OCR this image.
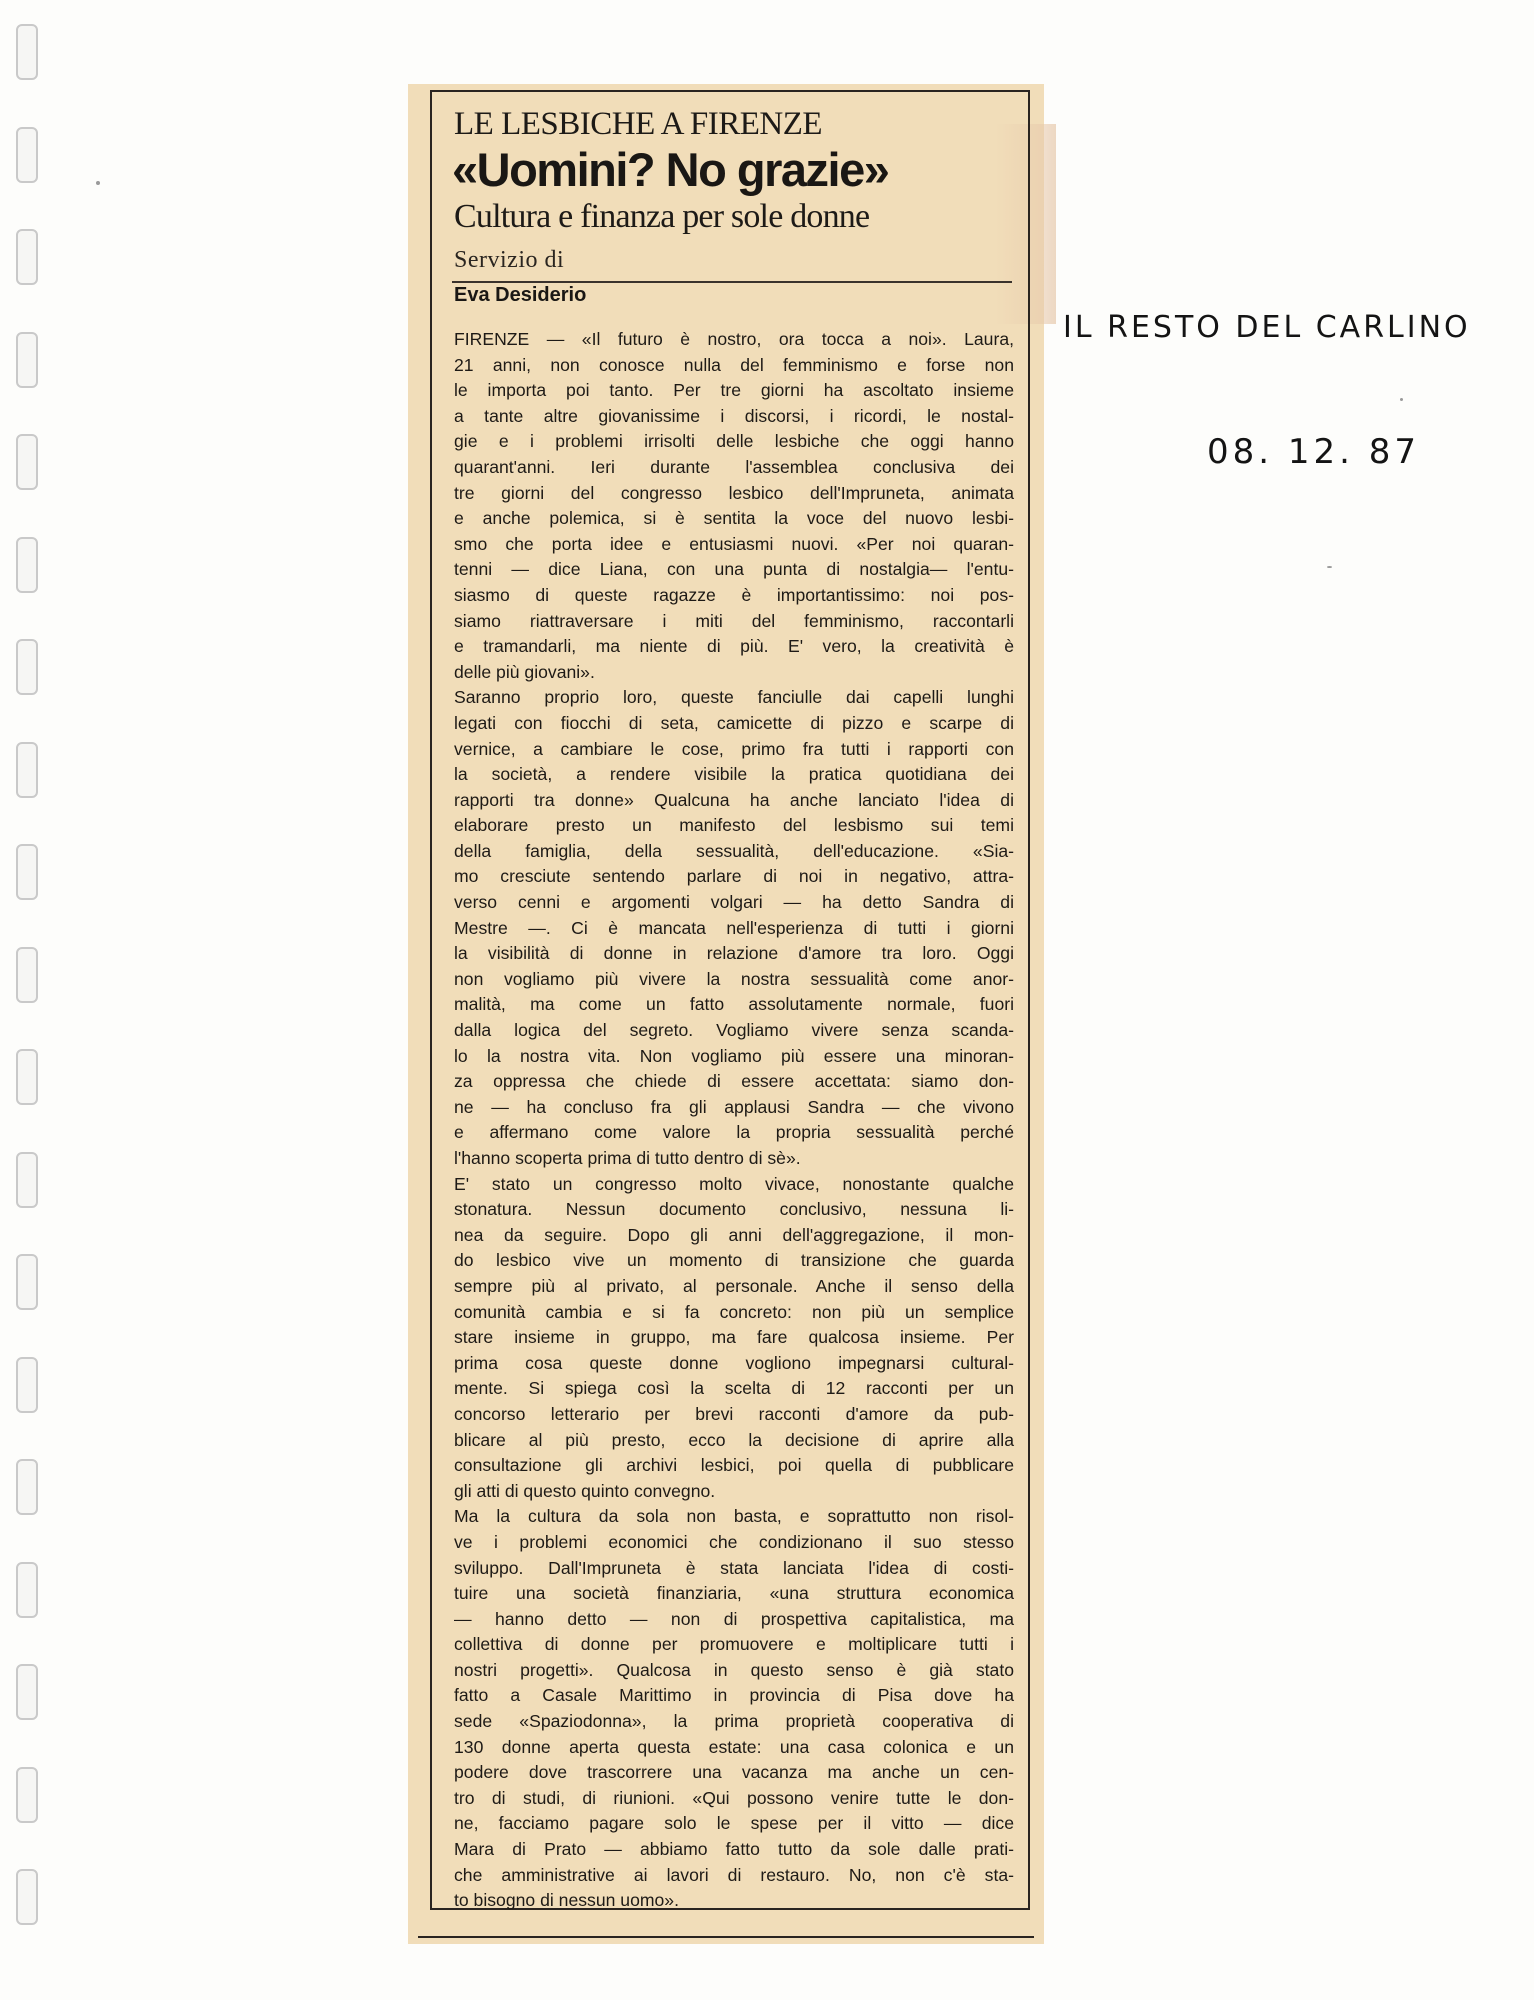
LE LESBICHE A FIRENZE
«Uomini? No grazie»
Cultura e finanza per sole donne
Servizio di
Eva Desiderio
FIRENZE — «Il futuro è nostro, ora tocca a noi». Laura,
21 anni, non conosce nulla del femminismo e forse non
le importa poi tanto. Per tre giorni ha ascoltato insieme
a tante altre giovanissime i discorsi, i ricordi, le nostal-
gie e i problemi irrisolti delle lesbiche che oggi hanno
quarant'anni. Ieri durante l'assemblea conclusiva dei
tre giorni del congresso lesbico dell'Impruneta, animata
e anche polemica, si è sentita la voce del nuovo lesbi-
smo che porta idee e entusiasmi nuovi. «Per noi quaran-
tenni — dice Liana, con una punta di nostalgia— l'entu-
siasmo di queste ragazze è importantissimo: noi pos-
siamo riattraversare i miti del femminismo, raccontarli
e tramandarli, ma niente di più. E' vero, la creatività è
delle più giovani».
Saranno proprio loro, queste fanciulle dai capelli lunghi
legati con fiocchi di seta, camicette di pizzo e scarpe di
vernice, a cambiare le cose, primo fra tutti i rapporti con
la società, a rendere visibile la pratica quotidiana dei
rapporti tra donne» Qualcuna ha anche lanciato l'idea di
elaborare presto un manifesto del lesbismo sui temi
della famiglia, della sessualità, dell'educazione. «Sia-
mo cresciute sentendo parlare di noi in negativo, attra-
verso cenni e argomenti volgari — ha detto Sandra di
Mestre —. Ci è mancata nell'esperienza di tutti i giorni
la visibilità di donne in relazione d'amore tra loro. Oggi
non vogliamo più vivere la nostra sessualità come anor-
malità, ma come un fatto assolutamente normale, fuori
dalla logica del segreto. Vogliamo vivere senza scanda-
lo la nostra vita. Non vogliamo più essere una minoran-
za oppressa che chiede di essere accettata: siamo don-
ne — ha concluso fra gli applausi Sandra — che vivono
e affermano come valore la propria sessualità perché
l'hanno scoperta prima di tutto dentro di sè».
E' stato un congresso molto vivace, nonostante qualche
stonatura. Nessun documento conclusivo, nessuna li-
nea da seguire. Dopo gli anni dell'aggregazione, il mon-
do lesbico vive un momento di transizione che guarda
sempre più al privato, al personale. Anche il senso della
comunità cambia e si fa concreto: non più un semplice
stare insieme in gruppo, ma fare qualcosa insieme. Per
prima cosa queste donne vogliono impegnarsi cultural-
mente. Si spiega così la scelta di 12 racconti per un
concorso letterario per brevi racconti d'amore da pub-
blicare al più presto, ecco la decisione di aprire alla
consultazione gli archivi lesbici, poi quella di pubblicare
gli atti di questo quinto convegno.
Ma la cultura da sola non basta, e soprattutto non risol-
ve i problemi economici che condizionano il suo stesso
sviluppo. Dall'Impruneta è stata lanciata l'idea di costi-
tuire una società finanziaria, «una struttura economica
— hanno detto — non di prospettiva capitalistica, ma
collettiva di donne per promuovere e moltiplicare tutti i
nostri progetti». Qualcosa in questo senso è già stato
fatto a Casale Marittimo in provincia di Pisa dove ha
sede «Spaziodonna», la prima proprietà cooperativa di
130 donne aperta questa estate: una casa colonica e un
podere dove trascorrere una vacanza ma anche un cen-
tro di studi, di riunioni. «Qui possono venire tutte le don-
ne, facciamo pagare solo le spese per il vitto — dice
Mara di Prato — abbiamo fatto tutto da sole dalle prati-
che amministrative ai lavori di restauro. No, non c'è sta-
to bisogno di nessun uomo».
IL RESTO DEL CARLINO
08. 12. 87
